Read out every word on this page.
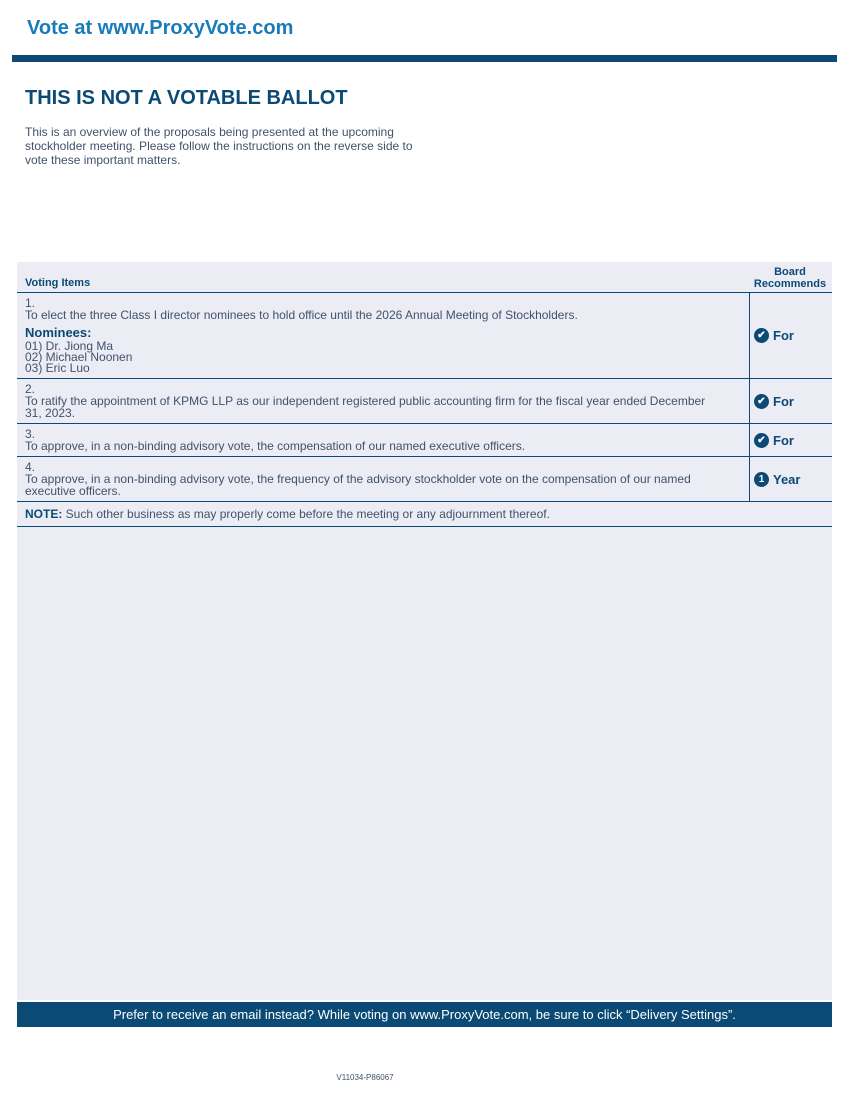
Vote at www.ProxyVote.com
THIS IS NOT A VOTABLE BALLOT
This is an overview of the proposals being presented at the upcoming stockholder meeting. Please follow the instructions on the reverse side to vote these important matters.
Voting Items
Board
Recommends
1.To elect the three Class I director nominees to hold office until the 2026 Annual Meeting of Stockholders.
Nominees:
01) Dr. Jiong Ma
02) Michael Noonen
03) Eric Luo
✔ For
2.To ratify the appointment of KPMG LLP as our independent registered public accounting firm for the fiscal year ended December 31, 2023.
✔ For
3.To approve, in a non-binding advisory vote, the compensation of our named executive officers.	✔ For
4.To approve, in a non-binding advisory vote, the frequency of the advisory stockholder vote on the compensation of our named executive officers.
1 Year
NOTE: Such other business as may properly come before the meeting or any adjournment thereof.
Prefer to receive an email instead? While voting on www.ProxyVote.com, be sure to click “Delivery Settings”.
V11034-P86067
